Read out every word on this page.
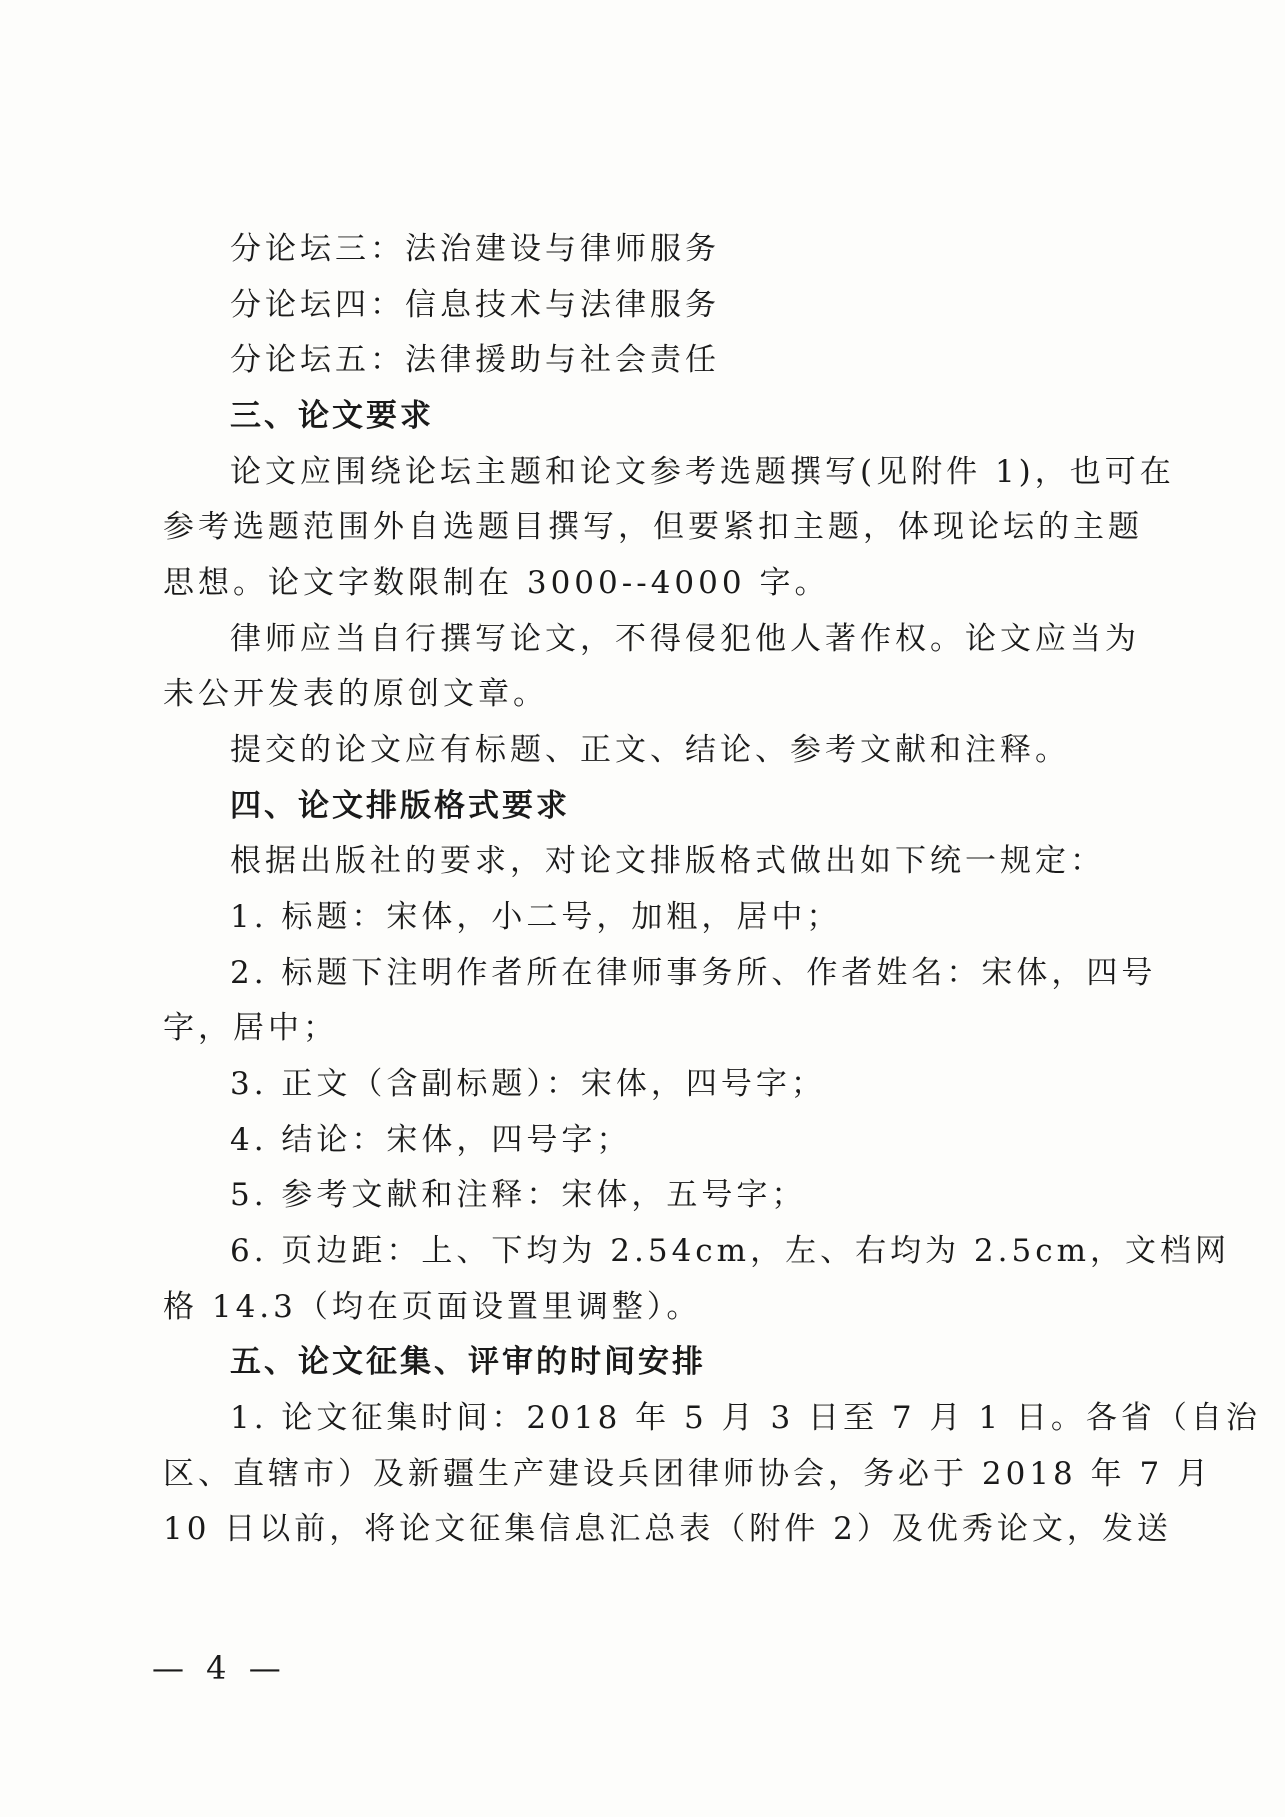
分论坛三：法治建设与律师服务
分论坛四：信息技术与法律服务
分论坛五：法律援助与社会责任
三、论文要求
论文应围绕论坛主题和论文参考选题撰写(见附件 1)，也可在
参考选题范围外自选题目撰写，但要紧扣主题，体现论坛的主题
思想。论文字数限制在 3000--4000 字。
律师应当自行撰写论文，不得侵犯他人著作权。论文应当为
未公开发表的原创文章。
提交的论文应有标题、正文、结论、参考文献和注释。
四、论文排版格式要求
根据出版社的要求，对论文排版格式做出如下统一规定：
1. 标题：宋体，小二号，加粗，居中；
2. 标题下注明作者所在律师事务所、作者姓名：宋体，四号
字，居中；
3. 正文（含副标题）：宋体，四号字；
4. 结论：宋体，四号字；
5. 参考文献和注释：宋体，五号字；
6. 页边距：上、下均为 2.54cm，左、右均为 2.5cm，文档网
格 14.3（均在页面设置里调整）。
五、论文征集、评审的时间安排
1. 论文征集时间：2018 年 5 月 3 日至 7 月 1 日。各省（自治
区、直辖市）及新疆生产建设兵团律师协会，务必于 2018 年 7 月
10 日以前，将论文征集信息汇总表（附件 2）及优秀论文，发送
— 4 —
